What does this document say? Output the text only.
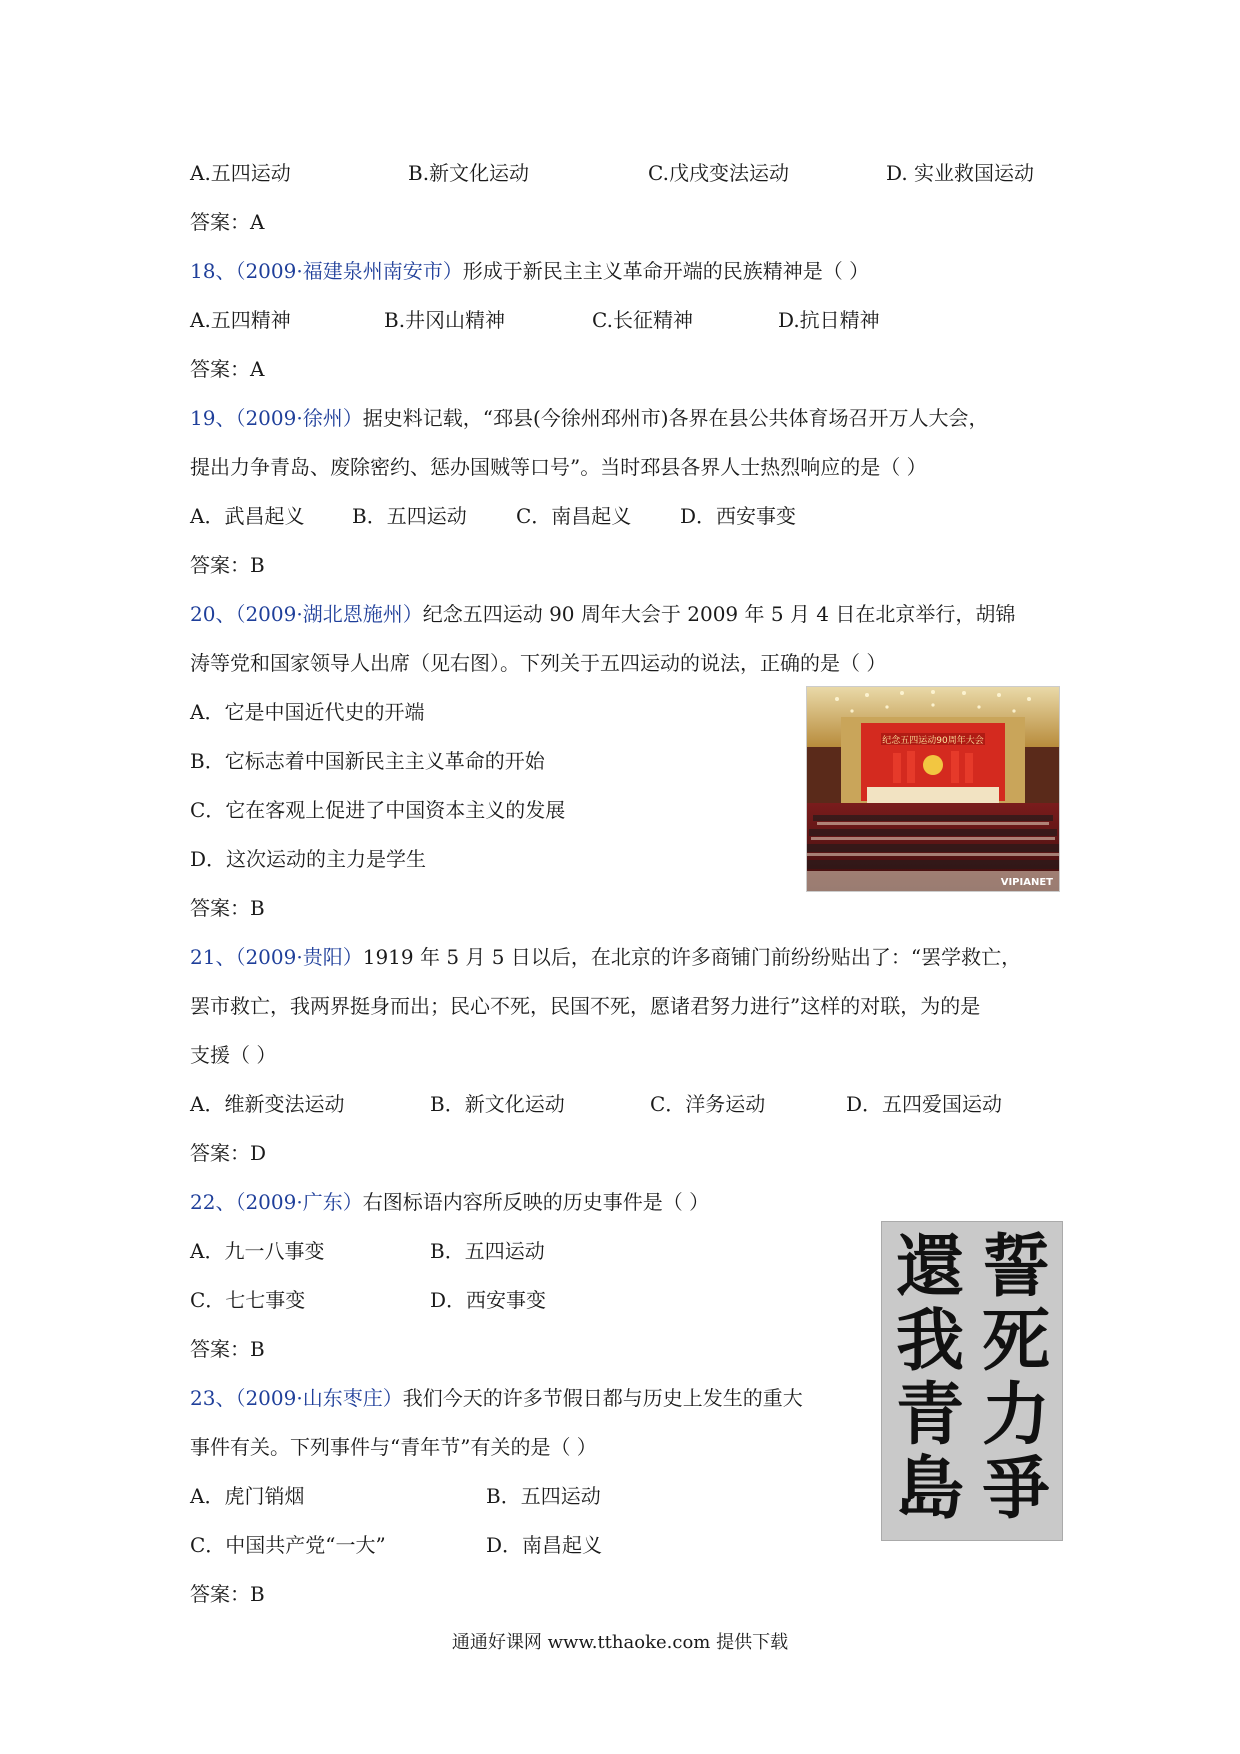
A.五四运动	B.新文化运动	C.戊戌变法运动	D. 实业救国运动
答案：A
18、（2009·福建泉州南安市）形成于新民主主义革命开端的民族精神是（ ）
A.五四精神	B.井冈山精神	C.长征精神	D.抗日精神
答案：A
19、（2009·徐州）据史料记载，“邳县(今徐州邳州市)各界在县公共体育场召开万人大会，
提出力争青岛、废除密约、惩办国贼等口号”。当时邳县各界人士热烈响应的是（ ）
A．武昌起义 B．五四运动 C．南昌起义 D．西安事变
答案：B
20、（2009·湖北恩施州）纪念五四运动 90 周年大会于 2009 年 5 月 4 日在北京举行，胡锦
涛等党和国家领导人出席（见右图）。下列关于五四运动的说法，正确的是（ ）
A．它是中国近代史的开端
B．它标志着中国新民主主义革命的开始
C．它在客观上促进了中国资本主义的发展
D．这次运动的主力是学生
答案：B
纪念五四运动90周年大会
VIPIANET
21、（2009·贵阳）1919 年 5 月 5 日以后，在北京的许多商铺门前纷纷贴出了：“罢学救亡，
罢市救亡，我两界挺身而出；民心不死，民国不死，愿诸君努力进行”这样的对联，为的是
支援（ ）
A．维新变法运动	B．新文化运动	C．洋务运动	D．五四爱国运动
答案：D
22、（2009·广东）右图标语内容所反映的历史事件是（ ）
A．九一八事变	B．五四运动
C．七七事变	D．西安事变
答案：B
還
我
青
島
誓
死
力
爭
23、（2009·山东枣庄）我们今天的许多节假日都与历史上发生的重大
事件有关。下列事件与“青年节”有关的是（ ）
A．虎门销烟	B．五四运动
C．中国共产党“一大”	D．南昌起义
答案：B
通通好课网 www.tthaoke.com 提供下载
